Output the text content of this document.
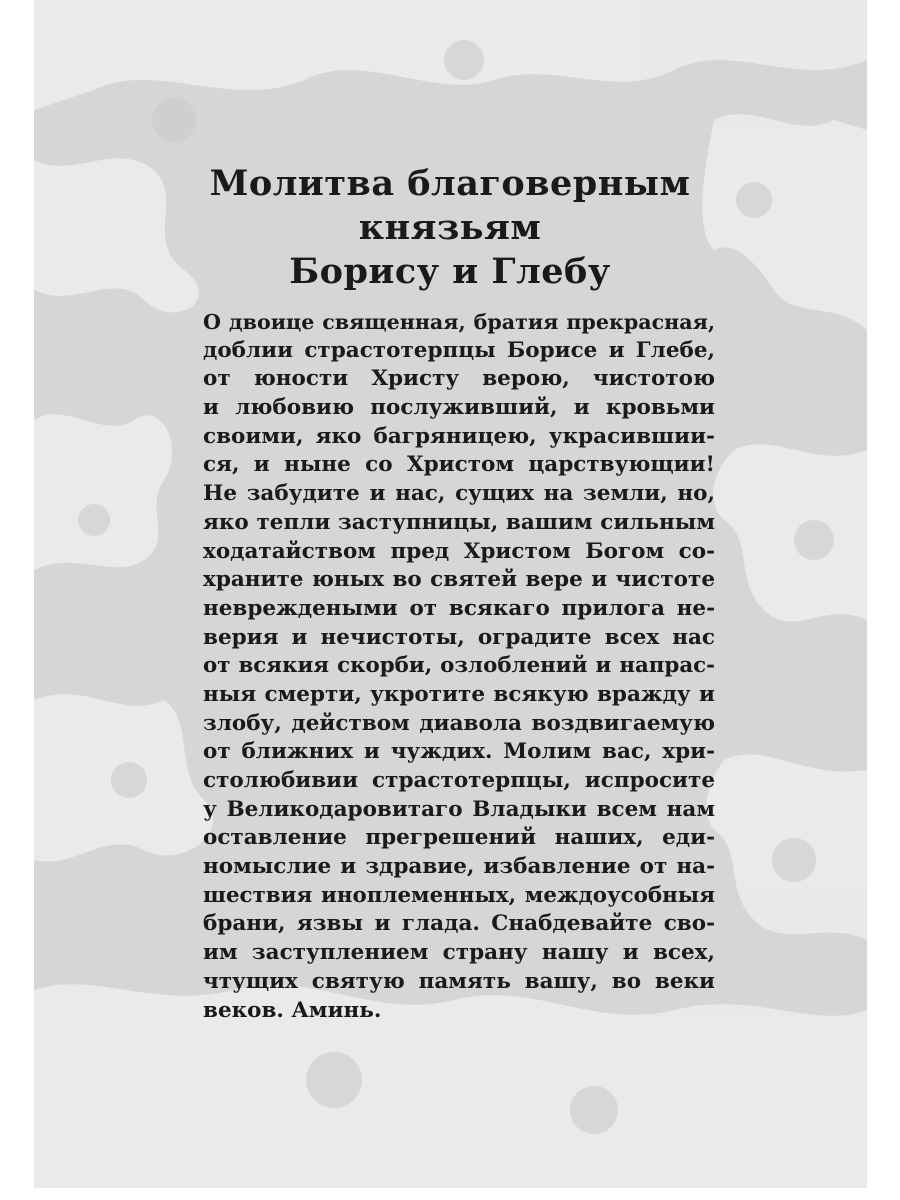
Молитва благоверным
князьям
Борису и Глебу
О двоице священная, братия прекрасная,
доблии страстотерпцы Борисе и Глебе,
от юности Христу верою, чистотою
и любовию послуживший, и кровьми
своими, яко багряницею, украсившии-
ся, и ныне со Христом царствующии!
Не забудите и нас, сущих на земли, но,
яко тепли заступницы, вашим сильным
ходатайством пред Христом Богом со-
храните юных во святей вере и чистоте
невреждеными от всякаго прилога не-
верия и нечистоты, оградите всех нас
от всякия скорби, озлоблений и напрас-
ныя смерти, укротите всякую вражду и
злобу, действом диавола воздвигаемую
от ближних и чуждих. Молим вас, хри-
столюбивии страстотерпцы, испросите
у Великодаровитаго Владыки всем нам
оставление прегрешений наших, еди-
номыслие и здравие, избавление от на-
шествия иноплеменных, междоусобныя
брани, язвы и глада. Снабдевайте сво-
им заступлением страну нашу и всех,
чтущих святую память вашу, во веки
веков. Аминь.
